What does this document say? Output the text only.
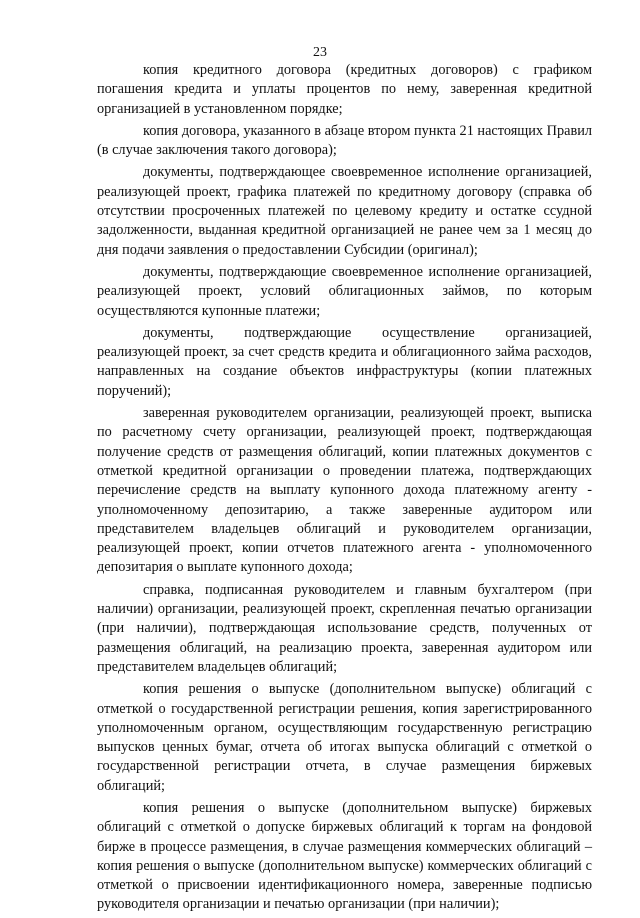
23

копия кредитного договора (кредитных договоров) с графиком погашения кредита и уплаты процентов по нему, заверенная кредитной организацией в установленном порядке;

копия договора, указанного в абзаце втором пункта 21 настоящих Правил (в случае заключения такого договора);

документы, подтверждающее своевременное исполнение организацией, реализующей проект, графика платежей по кредитному договору (справка об отсутствии просроченных платежей по целевому кредиту и остатке ссудной задолженности, выданная кредитной организацией не ранее чем за 1 месяц до дня подачи заявления о предоставлении Субсидии (оригинал);

документы, подтверждающие своевременное исполнение организацией, реализующей проект, условий облигационных займов, по которым осуществляются купонные платежи;

документы, подтверждающие осуществление организацией, реализующей проект, за счет средств кредита и облигационного займа расходов, направленных на создание объектов инфраструктуры (копии платежных поручений);

заверенная руководителем организации, реализующей проект, выписка по расчетному счету организации, реализующей проект, подтверждающая получение средств от размещения облигаций, копии платежных документов с отметкой кредитной организации о проведении платежа, подтверждающих перечисление средств на выплату купонного дохода платежному агенту - уполномоченному депозитарию, а также заверенные аудитором или представителем владельцев облигаций и руководителем организации, реализующей проект, копии отчетов платежного агента - уполномоченного депозитария о выплате купонного дохода;

справка, подписанная руководителем и главным бухгалтером (при наличии) организации, реализующей проект, скрепленная печатью организации (при наличии), подтверждающая использование средств, полученных от размещения облигаций, на реализацию проекта, заверенная аудитором или представителем владельцев облигаций;

копия решения о выпуске (дополнительном выпуске) облигаций с отметкой о государственной регистрации решения, копия зарегистрированного уполномоченным органом, осуществляющим государственную регистрацию выпусков ценных бумаг, отчета об итогах выпуска облигаций с отметкой о государственной регистрации отчета, в случае размещения биржевых облигаций;

копия решения о выпуске (дополнительном выпуске) биржевых облигаций с отметкой о допуске биржевых облигаций к торгам на фондовой бирже в процессе размещения, в случае размещения коммерческих облигаций – копия решения о выпуске (дополнительном выпуске) коммерческих облигаций с отметкой о присвоении идентификационного номера, заверенные подписью руководителя организации и печатью организации (при наличии);
